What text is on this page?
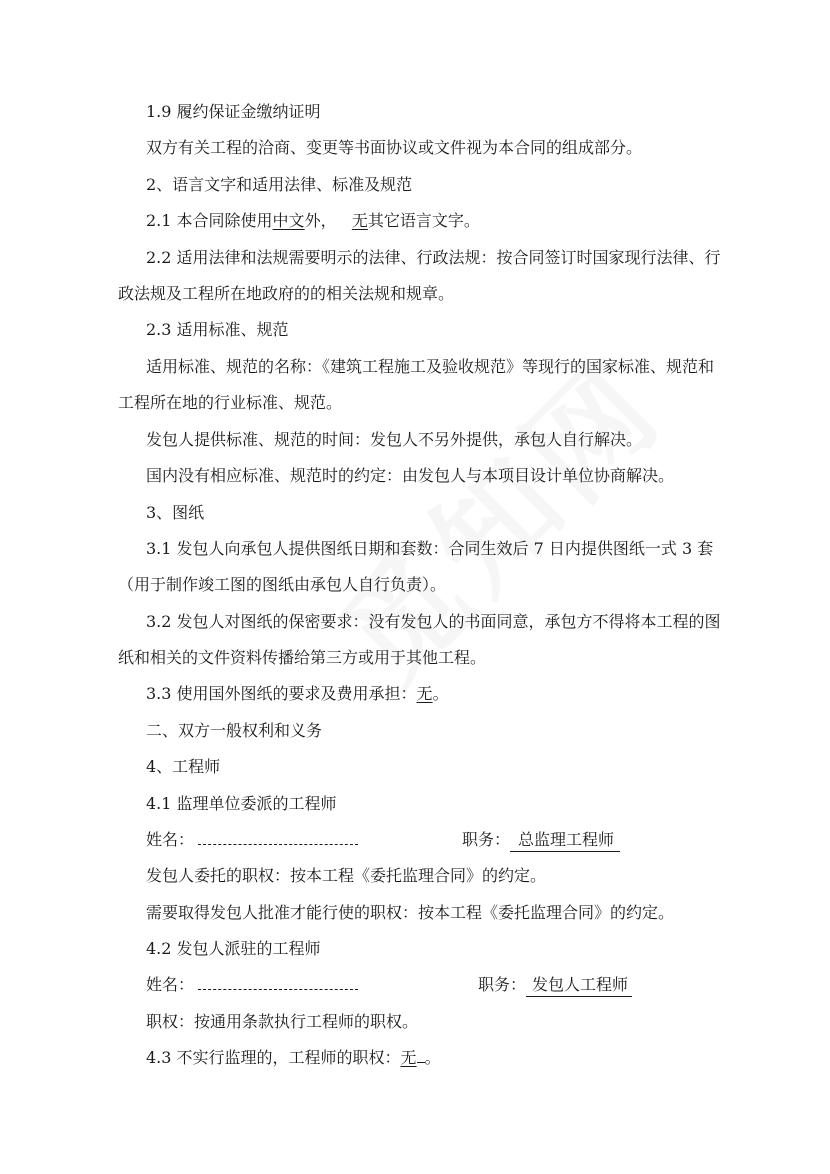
1.9 履约保证金缴纳证明
双方有关工程的洽商、变更等书面协议或文件视为本合同的组成部分。
2、语言文字和适用法律、标准及规范
2.1 本合同除使用中文外， 无其它语言文字。
2.2 适用法律和法规需要明示的法律、行政法规：按合同签订时国家现行法律、行
政法规及工程所在地政府的的相关法规和规章。
2.3 适用标准、规范
适用标准、规范的名称：《建筑工程施工及验收规范》等现行的国家标准、规范和
工程所在地的行业标准、规范。
发包人提供标准、规范的时间：发包人不另外提供，承包人自行解决。
国内没有相应标准、规范时的约定：由发包人与本项目设计单位协商解决。
3、图纸
3.1 发包人向承包人提供图纸日期和套数：合同生效后 7 日内提供图纸一式 3 套
（用于制作竣工图的图纸由承包人自行负责）。
3.2 发包人对图纸的保密要求：没有发包人的书面同意，承包方不得将本工程的图
纸和相关的文件资料传播给第三方或用于其他工程。
3.3 使用国外图纸的要求及费用承担：无。
二、双方一般权利和义务
4、工程师
4.1 监理单位委派的工程师
姓名：	职务： 总监理工程师
发包人委托的职权：按本工程《委托监理合同》的约定。
需要取得发包人批准才能行使的职权：按本工程《委托监理合同》的约定。
4.2 发包人派驻的工程师
姓名：	职务： 发包人工程师
职权：按通用条款执行工程师的职权。
4.3 不实行监理的，工程师的职权：无 。
